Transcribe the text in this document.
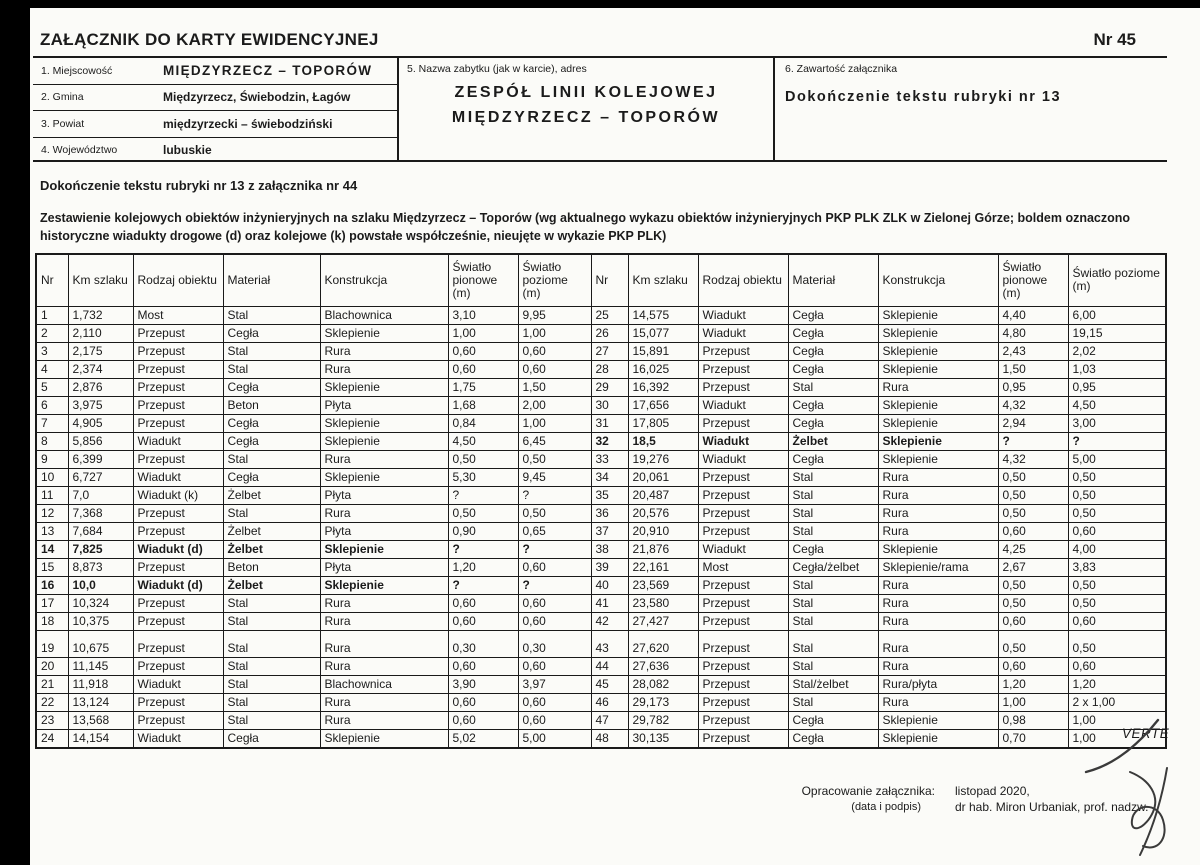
ZAŁĄCZNIK DO KARTY EWIDENCYJNEJ	Nr 45
1. Miejscowość	MIĘDZYRZECZ – TOPORÓW
2. Gmina	Międzyrzecz, Świebodzin, Łagów
3. Powiat	międzyrzecki – świebodziński
4. Województwo	lubuskie
5. Nazwa zabytku (jak w karcie), adres
ZESPÓŁ LINII KOLEJOWEJ
MIĘDZYRZECZ – TOPORÓW
6. Zawartość załącznika
Dokończenie tekstu rubryki nr 13
Dokończenie tekstu rubryki nr 13 z załącznika nr 44
Zestawienie kolejowych obiektów inżynieryjnych na szlaku Międzyrzecz – Toporów (wg aktualnego wykazu obiektów inżynieryjnych PKP PLK ZLK w Zielonej Górze; boldem oznaczono historyczne wiadukty drogowe (d) oraz kolejowe (k) powstałe współcześnie, nieujęte w wykazie PKP PLK)
Nr	Km szlaku	Rodzaj obiektu	Materiał	Konstrukcja	Światło pionowe (m)	Światło poziome (m)	Nr	Km szlaku	Rodzaj obiektu	Materiał	Konstrukcja	Światło pionowe (m)	Światło poziome (m)
1	1,732	Most	Stal	Blachownica	3,10	9,95	25	14,575	Wiadukt	Cegła	Sklepienie	4,40	6,00
2	2,110	Przepust	Cegła	Sklepienie	1,00	1,00	26	15,077	Wiadukt	Cegła	Sklepienie	4,80	19,15
3	2,175	Przepust	Stal	Rura	0,60	0,60	27	15,891	Przepust	Cegła	Sklepienie	2,43	2,02
4	2,374	Przepust	Stal	Rura	0,60	0,60	28	16,025	Przepust	Cegła	Sklepienie	1,50	1,03
5	2,876	Przepust	Cegła	Sklepienie	1,75	1,50	29	16,392	Przepust	Stal	Rura	0,95	0,95
6	3,975	Przepust	Beton	Płyta	1,68	2,00	30	17,656	Wiadukt	Cegła	Sklepienie	4,32	4,50
7	4,905	Przepust	Cegła	Sklepienie	0,84	1,00	31	17,805	Przepust	Cegła	Sklepienie	2,94	3,00
8	5,856	Wiadukt	Cegła	Sklepienie	4,50	6,45	32	18,5	Wiadukt	Żelbet	Sklepienie	?	?
9	6,399	Przepust	Stal	Rura	0,50	0,50	33	19,276	Wiadukt	Cegła	Sklepienie	4,32	5,00
10	6,727	Wiadukt	Cegła	Sklepienie	5,30	9,45	34	20,061	Przepust	Stal	Rura	0,50	0,50
11	7,0	Wiadukt (k)	Żelbet	Płyta	?	?	35	20,487	Przepust	Stal	Rura	0,50	0,50
12	7,368	Przepust	Stal	Rura	0,50	0,50	36	20,576	Przepust	Stal	Rura	0,50	0,50
13	7,684	Przepust	Żelbet	Płyta	0,90	0,65	37	20,910	Przepust	Stal	Rura	0,60	0,60
14	7,825	Wiadukt (d)	Żelbet	Sklepienie	?	?	38	21,876	Wiadukt	Cegła	Sklepienie	4,25	4,00
15	8,873	Przepust	Beton	Płyta	1,20	0,60	39	22,161	Most	Cegła/żelbet	Sklepienie/rama	2,67	3,83
16	10,0	Wiadukt (d)	Żelbet	Sklepienie	?	?	40	23,569	Przepust	Stal	Rura	0,50	0,50
17	10,324	Przepust	Stal	Rura	0,60	0,60	41	23,580	Przepust	Stal	Rura	0,50	0,50
18	10,375	Przepust	Stal	Rura	0,60	0,60	42	27,427	Przepust	Stal	Rura	0,60	0,60
19	10,675	Przepust	Stal	Rura	0,30	0,30	43	27,620	Przepust	Stal	Rura	0,50	0,50
20	11,145	Przepust	Stal	Rura	0,60	0,60	44	27,636	Przepust	Stal	Rura	0,60	0,60
21	11,918	Wiadukt	Stal	Blachownica	3,90	3,97	45	28,082	Przepust	Stal/żelbet	Rura/płyta	1,20	1,20
22	13,124	Przepust	Stal	Rura	0,60	0,60	46	29,173	Przepust	Stal	Rura	1,00	2 x 1,00
23	13,568	Przepust	Stal	Rura	0,60	0,60	47	29,782	Przepust	Cegła	Sklepienie	0,98	1,00
24	14,154	Wiadukt	Cegła	Sklepienie	5,02	5,00	48	30,135	Przepust	Cegła	Sklepienie	0,70	1,00 VERTE
Opracowanie załącznika:
(data i podpis)
listopad 2020,
dr hab. Miron Urbaniak, prof. nadzw.
